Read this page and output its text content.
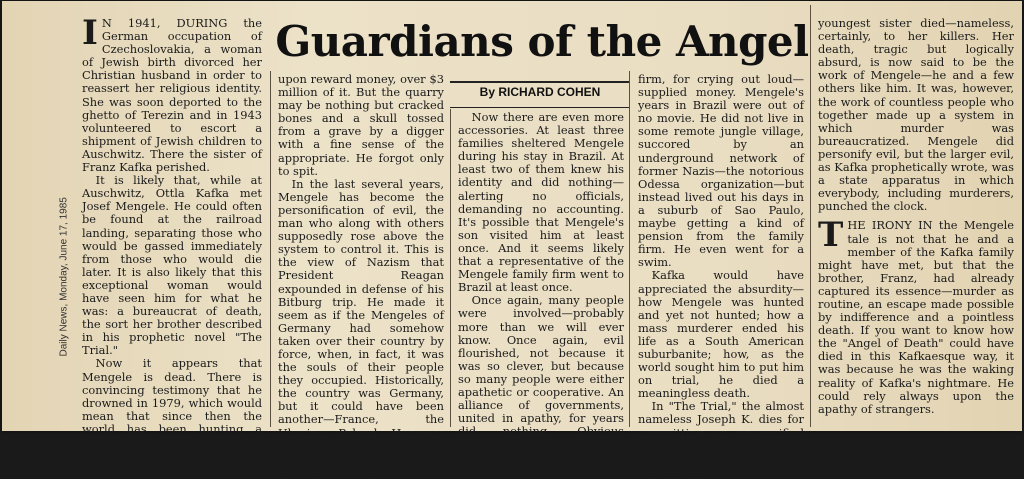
Daily News, Monday, June 17, 1985
Guardians of the Angel
By RICHARD COHEN

I N 1941, DURING the German occupation of Czechoslovakia, a woman of Jewish birth divorced her Christian husband in order to reassert her religious identity. She was soon deported to the ghetto of Terezin and in 1943 volunteered to escort a shipment of Jewish children to Auschwitz. There the sister of Franz Kafka perished.

It is likely that, while at Auschwitz, Ottla Kafka met Josef Mengele. He could often be found at the railroad landing, separating those who would be gassed immediately from those who would die later. It is also likely that this exceptional woman would have seen him for what he was: a bureaucrat of death, the sort her brother described in his prophetic novel "The Trial."

Now it appears that Mengele is dead. There is convincing testimony that he drowned in 1979, which would mean that since then the world has been hunting a ghost. Reward money has been stacked

upon reward money, over $3 million of it. But the quarry may be nothing but cracked bones and a skull tossed from a grave by a digger with a fine sense of the appropriate. He forgot only to spit.

In the last several years, Mengele has become the personification of evil, the man who along with others supposedly rose above the system to control it. This is the view of Nazism that President Reagan expounded in defense of his Bitburg trip. He made it seem as if the Mengeles of Germany had somehow taken over their country by force, when, in fact, it was the souls of their people they occupied. Historically, the country was Germany, but it could have been another—France, the Ukraine, Poland, Hungary, Estonia, Latvia, Lithuania. The list of accessories to the Holocaust is long.

Now there are even more accessories. At least three families sheltered Mengele during his stay in Brazil. At least two of them knew his identity and did nothing—alerting no officials, demanding no accounting. It's possible that Mengele's son visited him at least once. And it seems likely that a representative of the Mengele family firm went to Brazil at least once.

Once again, many people were involved—probably more than we will ever know. Once again, evil flourished, not because it was so clever, but because so many people were either apathetic or cooperative. An alliance of governments, united in apathy, for years did nothing. Obvious suspects—employees of the family

firm, for crying out loud—supplied money. Mengele's years in Brazil were out of no movie. He did not live in some remote jungle village, succored by an underground network of former Nazis—the notorious Odessa organization—but instead lived out his days in a suburb of Sao Paulo, maybe getting a kind of pension from the family firm. He even went for a swim.

Kafka would have appreciated the absurdity—how Mengele was hunted and yet not hunted; how a mass murderer ended his life as a South American suburbanite; how, as the world sought him to put him on trial, he died a meaningless death.

In "The Trial," the almost nameless Joseph K. dies for committing an unspecified crime, maybe one of just being. In real life, that is why Kafka's

youngest sister died—nameless, certainly, to her killers. Her death, tragic but logically absurd, is now said to be the work of Mengele—he and a few others like him. It was, however, the work of countless people who together made up a system in which murder was bureaucratized. Mengele did personify evil, but the larger evil, as Kafka prophetically wrote, was a state apparatus in which everybody, including murderers, punched the clock.

THE IRONY IN the Mengele tale is not that he and a member of the Kafka family might have met, but that the brother, Franz, had already captured its essence—murder as routine, an escape made possible by indifference and a pointless death. If you want to know how the "Angel of Death" could have died in this Kafkaesque way, it was because he was the waking reality of Kafka's nightmare. He could rely always upon the apathy of strangers.
